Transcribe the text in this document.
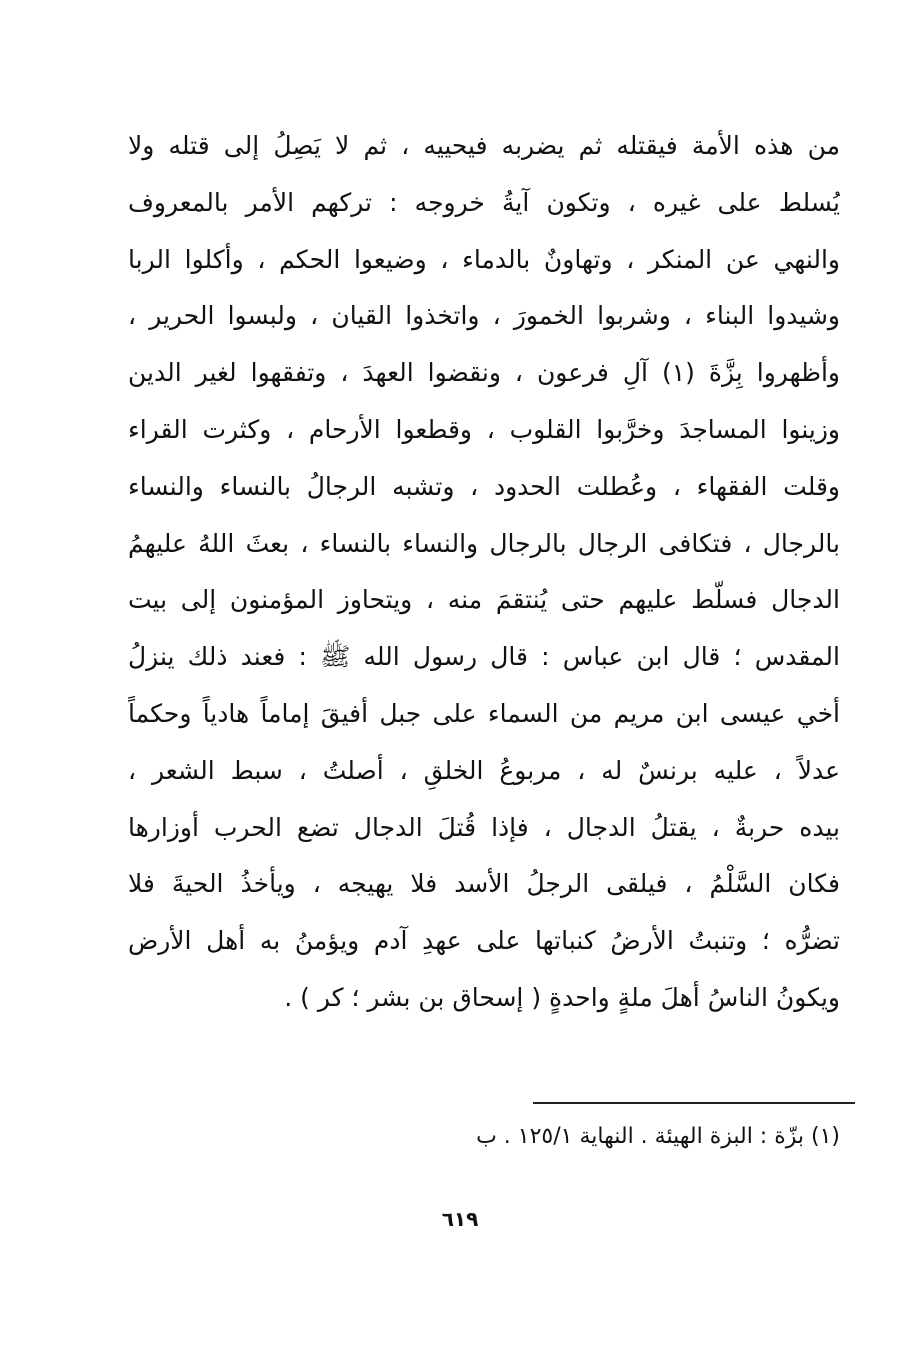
من هذه الأمة فيقتله ثم يضربه فيحييه ، ثم لا يَصِلُ إلى قتله ولا
يُسلط على غيره ، وتكون آيةُ خروجه : تركهم الأمر بالمعروف
والنهي عن المنكر ، وتهاونٌ بالدماء ، وضيعوا الحكم ، وأكلوا الربا
وشيدوا البناء ، وشربوا الخمورَ ، واتخذوا القيان ، ولبسوا الحرير ،
وأظهروا بِزَّةَ (١) آلِ فرعون ، ونقضوا العهدَ ، وتفقهوا لغير الدين
وزينوا المساجدَ وخرَّبوا القلوب ، وقطعوا الأرحام ، وكثرت القراء
وقلت الفقهاء ، وعُطلت الحدود ، وتشبه الرجالُ بالنساء والنساء
بالرجال ، فتكافى الرجال بالرجال والنساء بالنساء ، بعثَ اللهُ عليهمُ
الدجال فسلّط عليهم حتى يُنتقمَ منه ، ويتحاوز المؤمنون إلى بيت
المقدس ؛ قال ابن عباس : قال رسول الله ﷺ : فعند ذلك ينزلُ
أخي عيسى ابن مريم من السماء على جبل أفيقَ إماماً هادياً وحكماً
عدلاً ، عليه برنسٌ له ، مربوعُ الخلقِ ، أصلتُ ، سبط الشعر ،
بيده حربةٌ ، يقتلُ الدجال ، فإذا قُتلَ الدجال تضع الحرب أوزارها
فكان السَّلْمُ ، فيلقى الرجلُ الأسد فلا يهيجه ، ويأخذُ الحيةَ فلا
تضرُّه ؛ وتنبتُ الأرضُ كنباتها على عهدِ آدم ويؤمنُ به أهل الأرض
ويكونُ الناسُ أهلَ ملةٍ واحدةٍ ( إسحاق بن بشر ؛ كر ) .
(١) بزّة : البزة الهيئة . النهاية ١٢٥/١ . ب
٦١٩
